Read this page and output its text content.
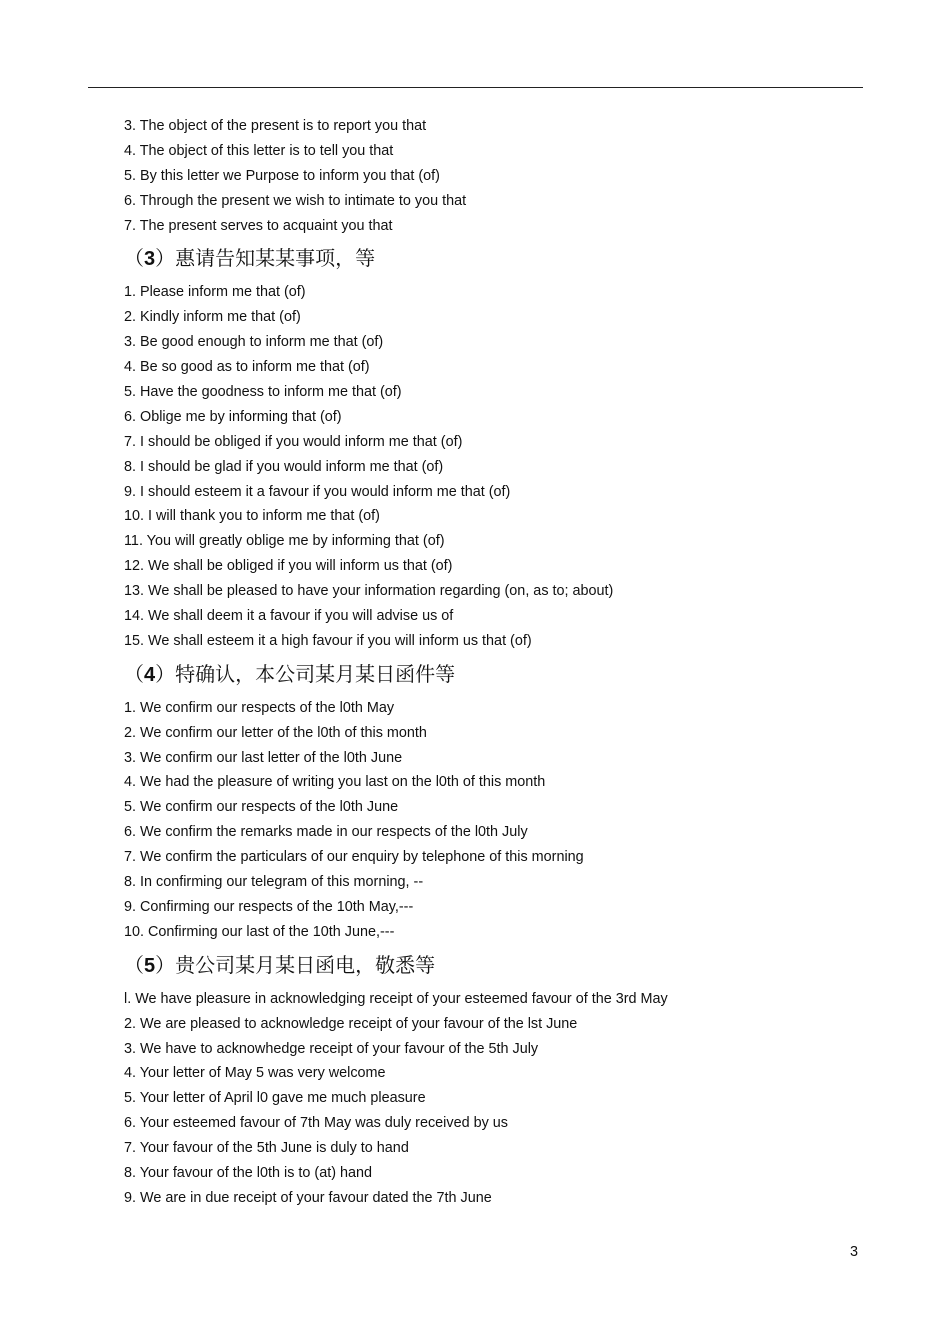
3. The object of the present is to report you that
4. The object of this letter is to tell you that
5. By this letter we Purpose to inform you that (of)
6. Through the present we wish to intimate to you that
7. The present serves to acquaint you that
（3）惠请告知某某事项，等
1. Please inform me that (of)
2. Kindly inform me that (of)
3. Be good enough to inform me that (of)
4. Be so good as to inform me that (of)
5. Have the goodness to inform me that (of)
6. Oblige me by informing that (of)
7. I should be obliged if you would inform me that (of)
8. I should be glad if you would inform me that (of)
9. I should esteem it a favour if you would inform me that (of)
10. I will thank you to inform me that (of)
11. You will greatly oblige me by informing that (of)
12. We shall be obliged if you will inform us that (of)
13. We shall be pleased to have your information regarding (on, as to; about)
14. We shall deem it a favour if you will advise us of
15. We shall esteem it a high favour if you will inform us that (of)
（4）特确认，本公司某月某日函件等
1. We confirm our respects of the l0th May
2. We confirm our letter of the l0th of this month
3. We confirm our last letter of the l0th June
4. We had the pleasure of writing you last on the l0th of this month
5. We confirm our respects of the l0th June
6. We confirm the remarks made in our respects of the l0th July
7. We confirm the particulars of our enquiry by telephone of this morning
8. In confirming our telegram of this morning, --
9. Confirming our respects of the 10th May,---
10. Confirming our last of the 10th June,---
（5）贵公司某月某日函电，敬悉等
l. We have pleasure in acknowledging receipt of your esteemed favour of the 3rd May
2. We are pleased to acknowledge receipt of your favour of the lst June
3. We have to acknowhedge receipt of your favour of the 5th July
4. Your letter of May 5 was very welcome
5. Your letter of April l0 gave me much pleasure
6. Your esteemed favour of 7th May was duly received by us
7. Your favour of the 5th June is duly to hand
8. Your favour of the l0th is to (at) hand
9. We are in due receipt of your favour dated the 7th June
3
